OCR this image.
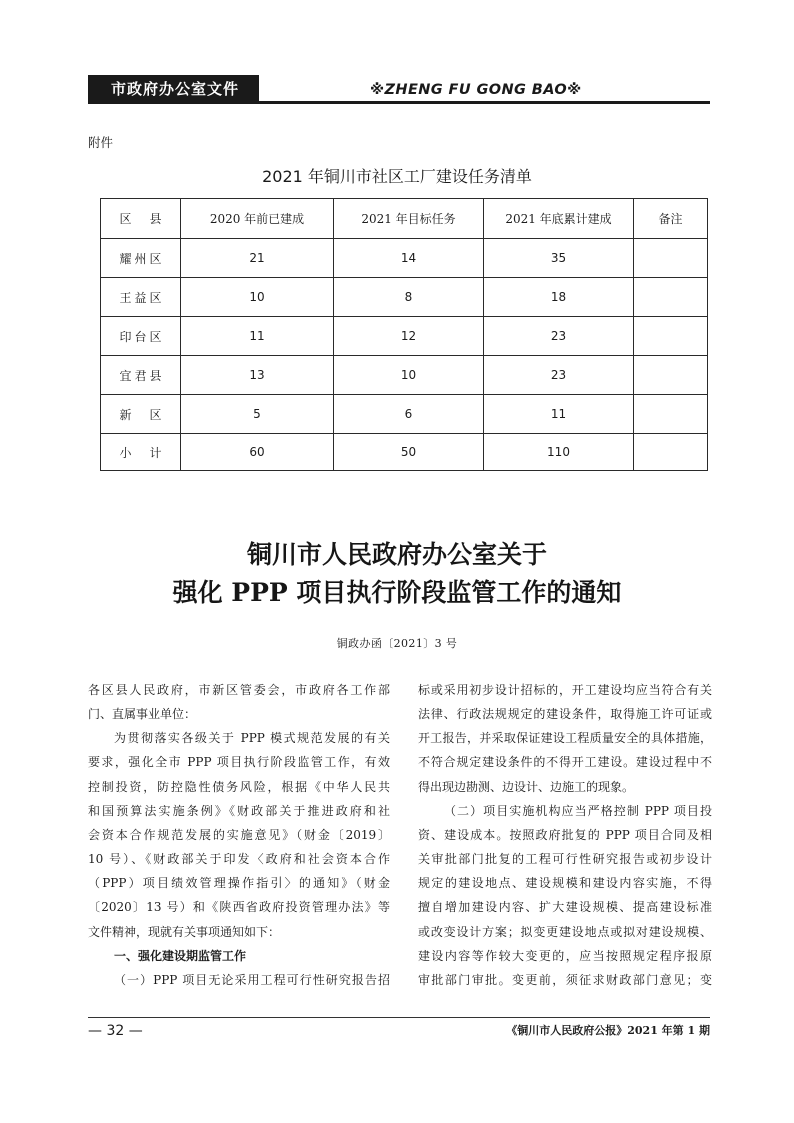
市政府办公室文件	※ZHENG FU GONG BAO※
附件
2021 年铜川市社区工厂建设任务清单
区　县	2020 年前已建成	2021 年目标任务	2021 年底累计建成	备注
耀州区	21	14	35	
王益区	10	8	18	
印台区	11	12	23	
宜君县	13	10	23	
新　区	5	6	11	
小　计	60	50	110	
铜川市人民政府办公室关于
强化 PPP 项目执行阶段监管工作的通知
铜政办函〔2021〕3 号
各区县人民政府，市新区管委会，市政府各工作部
门、直属事业单位：
为贯彻落实各级关于 PPP 模式规范发展的有关
要求，强化全市 PPP 项目执行阶段监管工作，有效
控制投资，防控隐性债务风险，根据《中华人民共
和国预算法实施条例》《财政部关于推进政府和社
会资本合作规范发展的实施意见》（财金〔2019〕
10 号）、《财政部关于印发〈政府和社会资本合作
（PPP）项目绩效管理操作指引〉的通知》（财金
〔2020〕13 号）和《陕西省政府投资管理办法》等
文件精神，现就有关事项通知如下：
一、强化建设期监管工作
（一）PPP 项目无论采用工程可行性研究报告招
标或采用初步设计招标的，开工建设均应当符合有关
法律、行政法规规定的建设条件，取得施工许可证或
开工报告，并采取保证建设工程质量安全的具体措施，
不符合规定建设条件的不得开工建设。建设过程中不
得出现边勘测、边设计、边施工的现象。
（二）项目实施机构应当严格控制 PPP 项目投
资、建设成本。按照政府批复的 PPP 项目合同及相
关审批部门批复的工程可行性研究报告或初步设计
规定的建设地点、建设规模和建设内容实施，不得
擅自增加建设内容、扩大建设规模、提高建设标准
或改变设计方案；拟变更建设地点或拟对建设规模、
建设内容等作较大变更的，应当按照规定程序报原
审批部门审批。变更前，须征求财政部门意见；变
— 32 —	《铜川市人民政府公报》2021 年第 1 期
